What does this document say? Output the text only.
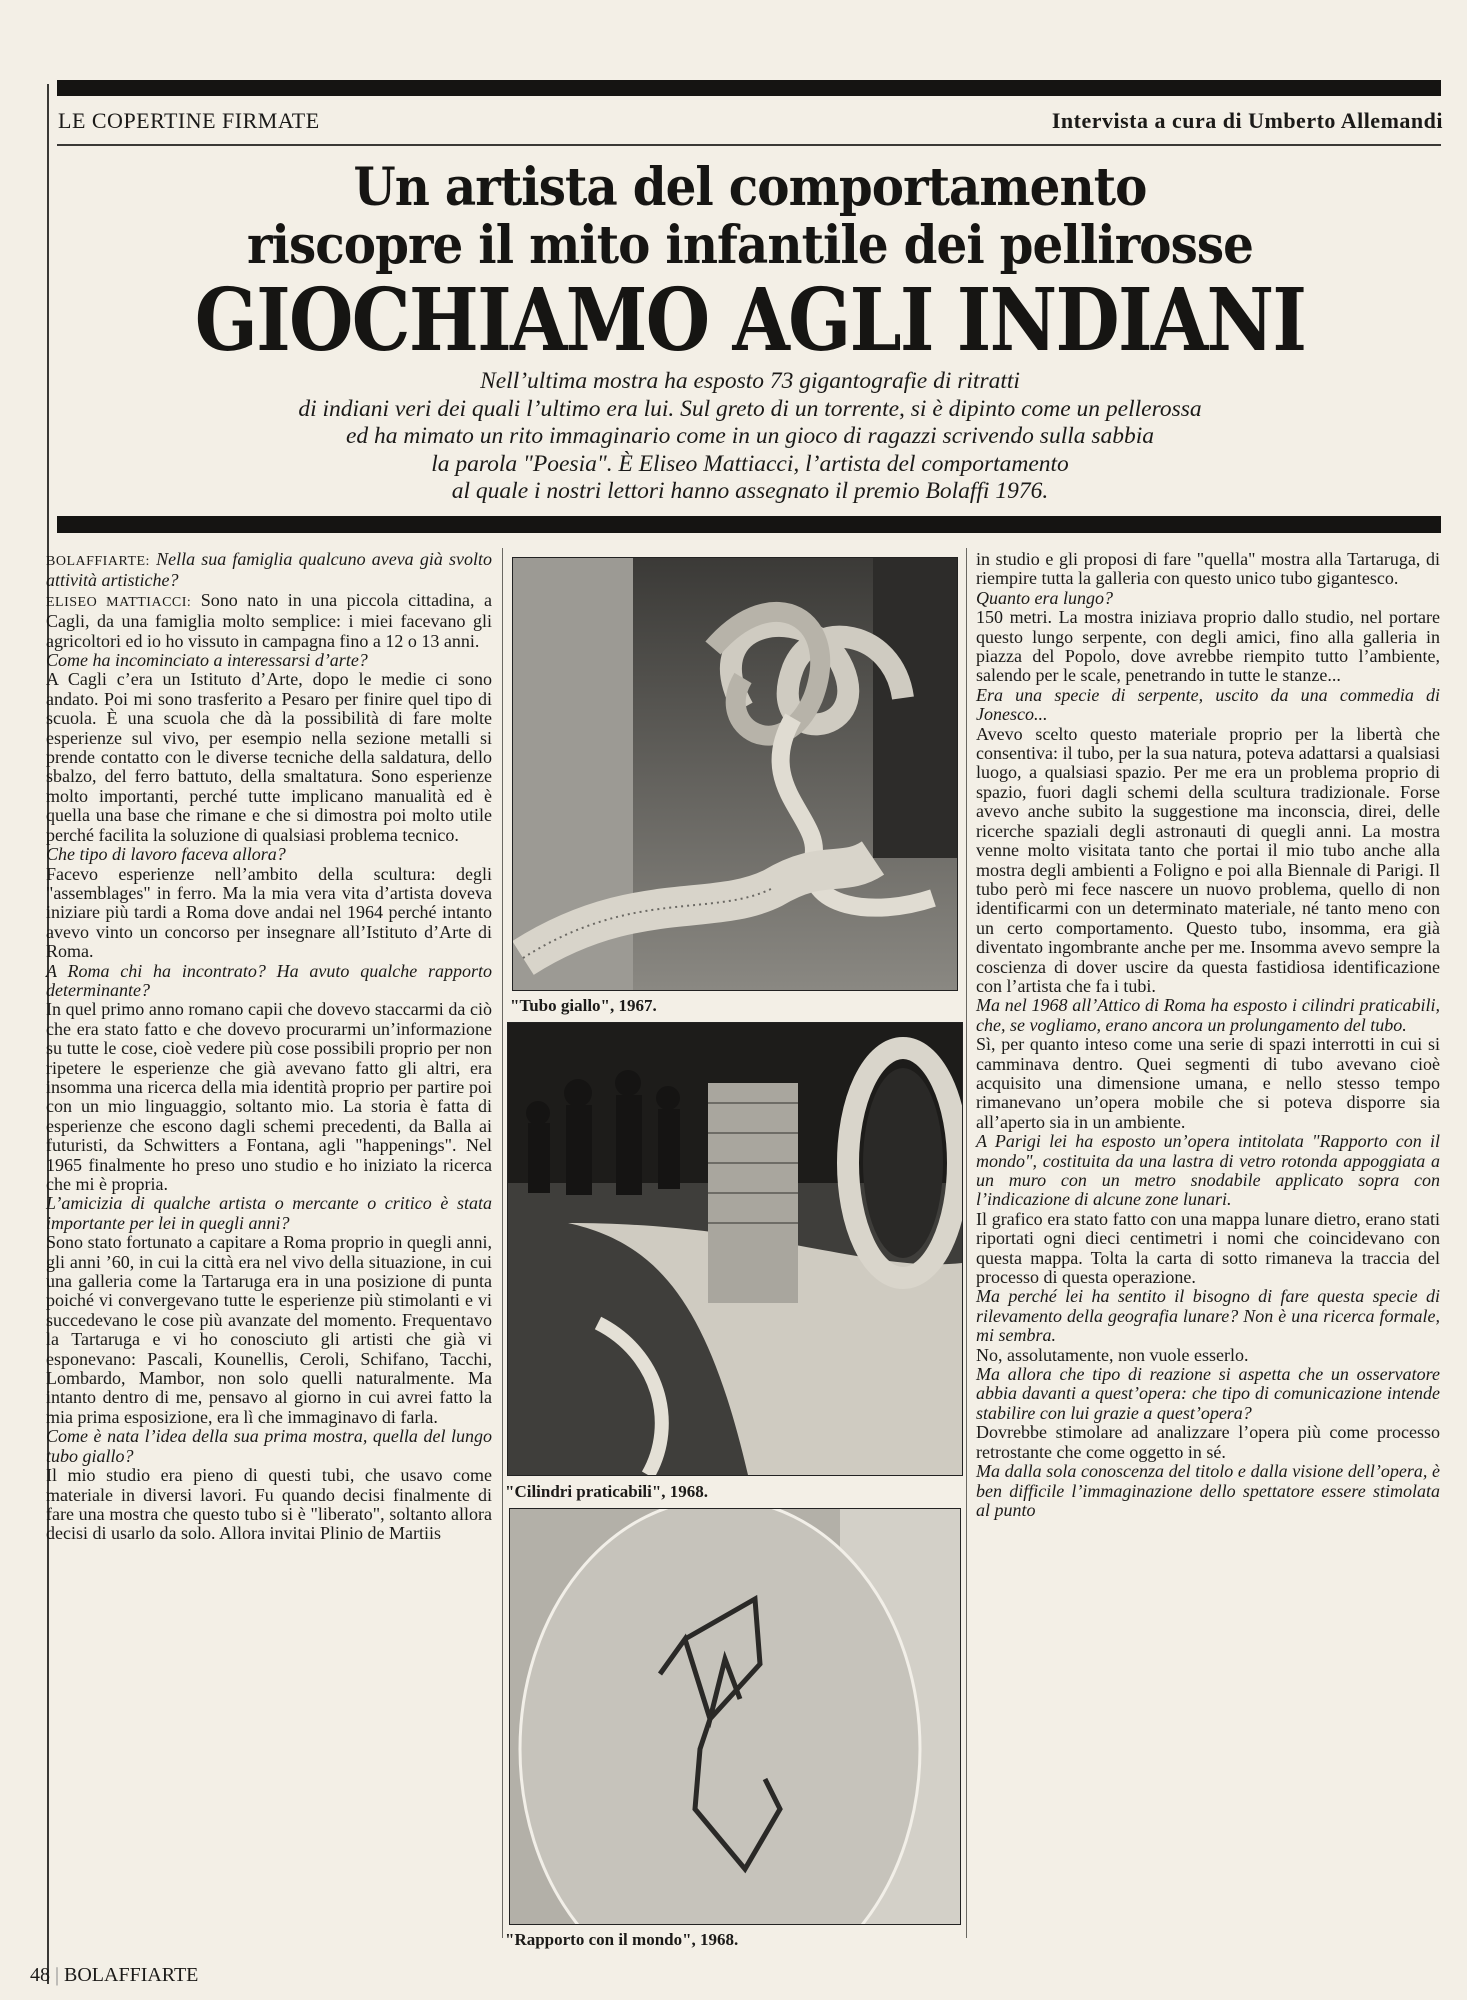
LE COPERTINE FIRMATE	Intervista a cura di Umberto Allemandi
Un artista del comportamento
riscopre il mito infantile dei pellirosse
GIOCHIAMO AGLI INDIANI
Nell’ultima mostra ha esposto 73 gigantografie di ritratti
di indiani veri dei quali l’ultimo era lui. Sul greto di un torrente, si è dipinto come un pellerossa
ed ha mimato un rito immaginario come in un gioco di ragazzi scrivendo sulla sabbia
la parola "Poesia". È Eliseo Mattiacci, l’artista del comportamento
al quale i nostri lettori hanno assegnato il premio Bolaffi 1976.

BOLAFFIARTE: Nella sua famiglia qualcuno aveva già svolto attività artistiche?

ELISEO MATTIACCI: Sono nato in una piccola cittadina, a Cagli, da una famiglia molto semplice: i miei facevano gli agricoltori ed io ho vissuto in campagna fino a 12 o 13 anni.

Come ha incominciato a interessarsi d’arte?

A Cagli c’era un Istituto d’Arte, dopo le medie ci sono andato. Poi mi sono trasferito a Pesaro per finire quel tipo di scuola. È una scuola che dà la possibilità di fare molte esperienze sul vivo, per esempio nella sezione metalli si prende contatto con le diverse tecniche della saldatura, dello sbalzo, del ferro battuto, della smaltatura. Sono esperienze molto importanti, perché tutte implicano manualità ed è quella una base che rimane e che si dimostra poi molto utile perché facilita la soluzione di qualsiasi problema tecnico.

Che tipo di lavoro faceva allora?

Facevo esperienze nell’ambito della scultura: degli "assemblages" in ferro. Ma la mia vera vita d’artista doveva iniziare più tardi a Roma dove andai nel 1964 perché intanto avevo vinto un concorso per insegnare all’Istituto d’Arte di Roma.

A Roma chi ha incontrato? Ha avuto qualche rapporto determinante?

In quel primo anno romano capii che dovevo staccarmi da ciò che era stato fatto e che dovevo procurarmi un’informazione su tutte le cose, cioè vedere più cose possibili proprio per non ripetere le esperienze che già avevano fatto gli altri, era insomma una ricerca della mia identità proprio per partire poi con un mio linguaggio, soltanto mio. La storia è fatta di esperienze che escono dagli schemi precedenti, da Balla ai futuristi, da Schwitters a Fontana, agli "happenings". Nel 1965 finalmente ho preso uno studio e ho iniziato la ricerca che mi è propria.

L’amicizia di qualche artista o mercante o critico è stata importante per lei in quegli anni?

Sono stato fortunato a capitare a Roma proprio in quegli anni, gli anni ’60, in cui la città era nel vivo della situazione, in cui una galleria come la Tartaruga era in una posizione di punta poiché vi convergevano tutte le esperienze più stimolanti e vi succedevano le cose più avanzate del momento. Frequentavo la Tartaruga e vi ho conosciuto gli artisti che già vi esponevano: Pascali, Kounellis, Ceroli, Schifano, Tacchi, Lombardo, Mambor, non solo quelli naturalmente. Ma intanto dentro di me, pensavo al giorno in cui avrei fatto la mia prima esposizione, era lì che immaginavo di farla.

Come è nata l’idea della sua prima mostra, quella del lungo tubo giallo?

Il mio studio era pieno di questi tubi, che usavo come materiale in diversi lavori. Fu quando decisi finalmente di fare una mostra che questo tubo si è "liberato", soltanto allora decisi di usarlo da solo. Allora invitai Plinio de Martiis

"Tubo giallo", 1967.
"Cilindri praticabili", 1968.
"Rapporto con il mondo", 1968.

in studio e gli proposi di fare "quella" mostra alla Tartaruga, di riempire tutta la galleria con questo unico tubo gigantesco.

Quanto era lungo?

150 metri. La mostra iniziava proprio dallo studio, nel portare questo lungo serpente, con degli amici, fino alla galleria in piazza del Popolo, dove avrebbe riempito tutto l’ambiente, salendo per le scale, penetrando in tutte le stanze...

Era una specie di serpente, uscito da una commedia di Jonesco...

Avevo scelto questo materiale proprio per la libertà che consentiva: il tubo, per la sua natura, poteva adattarsi a qualsiasi luogo, a qualsiasi spazio. Per me era un problema proprio di spazio, fuori dagli schemi della scultura tradizionale. Forse avevo anche subito la suggestione ma inconscia, direi, delle ricerche spaziali degli astronauti di quegli anni. La mostra venne molto visitata tanto che portai il mio tubo anche alla mostra degli ambienti a Foligno e poi alla Biennale di Parigi. Il tubo però mi fece nascere un nuovo problema, quello di non identificarmi con un determinato materiale, né tanto meno con un certo comportamento. Questo tubo, insomma, era già diventato ingombrante anche per me. Insomma avevo sempre la coscienza di dover uscire da questa fastidiosa identificazione con l’artista che fa i tubi.

Ma nel 1968 all’Attico di Roma ha esposto i cilindri praticabili, che, se vogliamo, erano ancora un prolungamento del tubo.

Sì, per quanto inteso come una serie di spazi interrotti in cui si camminava dentro. Quei segmenti di tubo avevano cioè acquisito una dimensione umana, e nello stesso tempo rimanevano un’opera mobile che si poteva disporre sia all’aperto sia in un ambiente.

A Parigi lei ha esposto un’opera intitolata "Rapporto con il mondo", costituita da una lastra di vetro rotonda appoggiata a un muro con un metro snodabile applicato sopra con l’indicazione di alcune zone lunari.

Il grafico era stato fatto con una mappa lunare dietro, erano stati riportati ogni dieci centimetri i nomi che coincidevano con questa mappa. Tolta la carta di sotto rimaneva la traccia del processo di questa operazione.

Ma perché lei ha sentito il bisogno di fare questa specie di rilevamento della geografia lunare? Non è una ricerca formale, mi sembra.

No, assolutamente, non vuole esserlo.

Ma allora che tipo di reazione si aspetta che un osservatore abbia davanti a quest’opera: che tipo di comunicazione intende stabilire con lui grazie a quest’opera?

Dovrebbe stimolare ad analizzare l’opera più come processo retrostante che come oggetto in sé.

Ma dalla sola conoscenza del titolo e dalla visione dell’opera, è ben difficile l’immaginazione dello spettatore essere stimolata al punto

48 | BOLAFFIARTE
